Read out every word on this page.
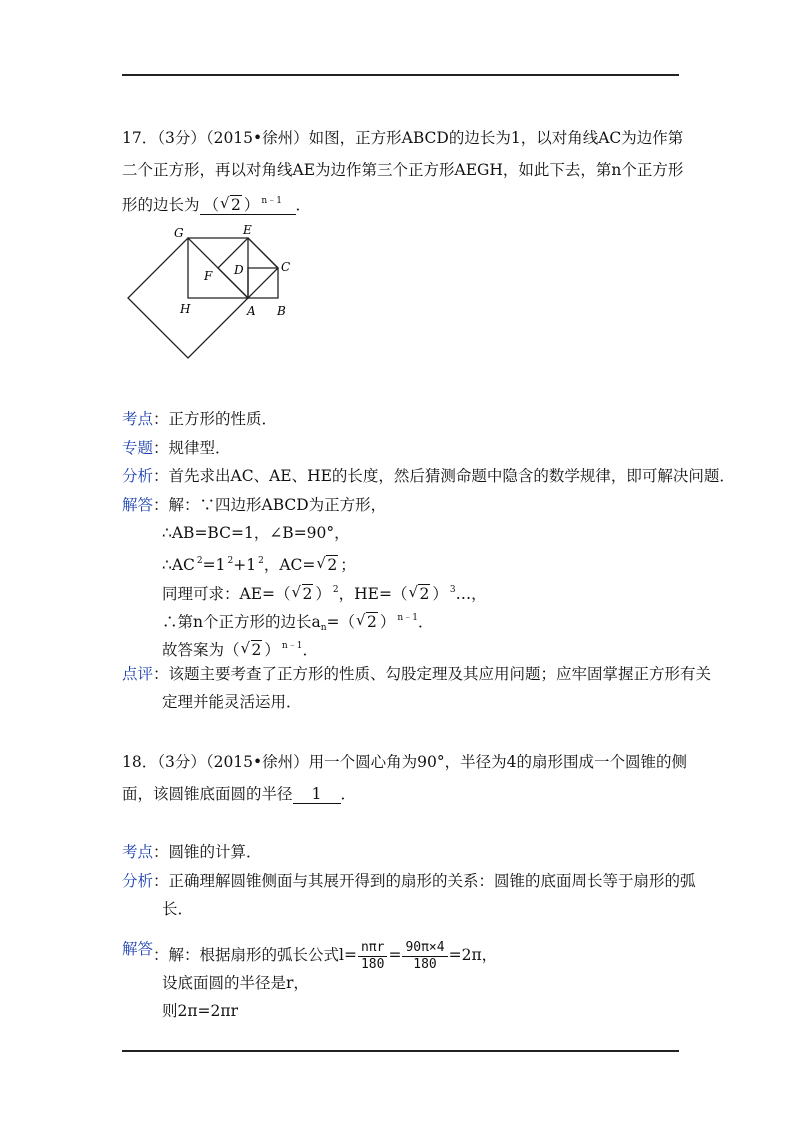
17．（3分）（2015•徐州）如图，正方形ABCD的边长为1，以对角线AC为边作第
二个正方形，再以对角线AE为边作第三个正方形AEGH，如此下去，第n个正方形
形的边长为 （√ 2 ） $^{n﹣1}$ ．
G	E
C
D
F
H	A B
考点：正方形的性质．
专题：规律型．
分析：首先求出AC、AE、HE的长度，然后猜测命题中隐含的数学规律，即可解决问题．
解答：解：∵四边形ABCD为正方形，
∴AB=BC=1，∠B=90°，
∴AC $^2$=1 $^2$+1 $^2$，AC=√ 2 ；
同理可求：AE=（√ 2 ） $^2$，HE=（√ 2 ） $^3$…，
∴第n个正方形的边长$a_n=(√$ 2 ） $^{n﹣1}$．
故答案为（√ 2 ） $^{n﹣1}$．
点评：该题主要考查了正方形的性质、勾股定理及其应用问题；应牢固掌握正方形有关
定理并能灵活运用．
18．（3分）（2015•徐州）用一个圆心角为90°，半径为4的扇形围成一个圆锥的侧
面，该圆锥底面圆的半径 1 ．
考点：圆锥的计算．
分析：正确理解圆锥侧面与其展开得到的扇形的关系：圆锥的底面周长等于扇形的弧
长．
解答：解：根据扇形的弧长公式$l= \frac{\text{nπr}}{180} = \frac{90\pi\times 4}{180} =2\pi$，
设底面圆的半径是r，
则2π=2πr
